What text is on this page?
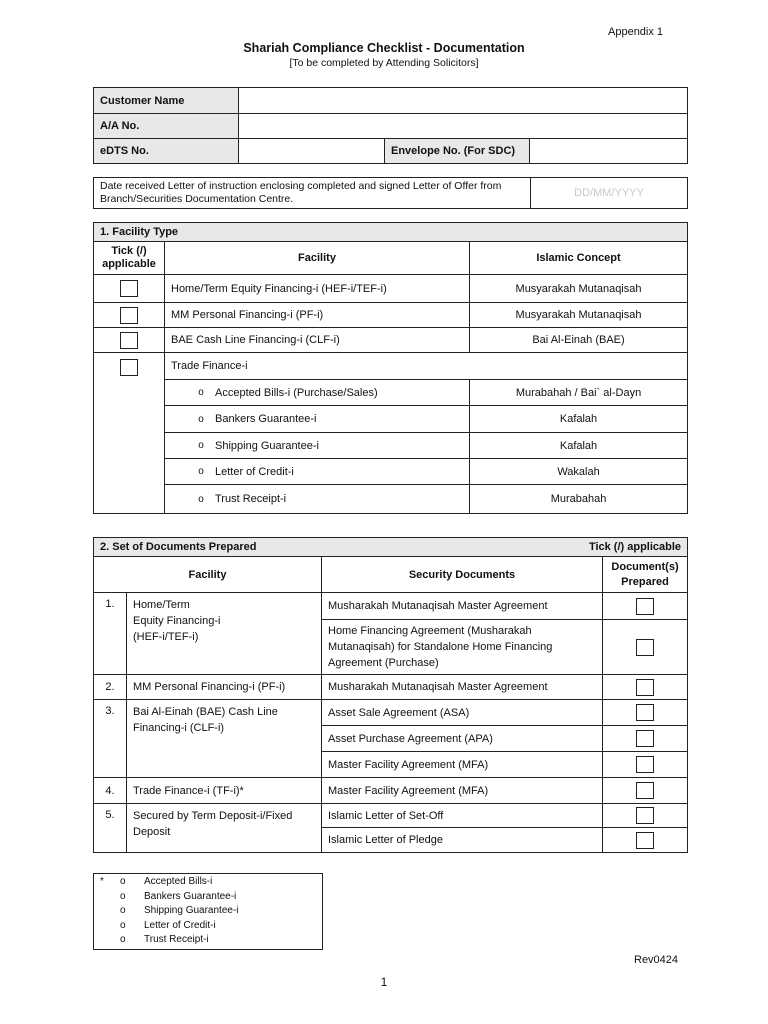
Appendix 1
Shariah Compliance Checklist - Documentation
[To be completed by Attending Solicitors]
Customer Name			
A/A No.			
eDTS No.		Envelope No. (For SDC)	
Date received Letter of instruction enclosing completed and signed Letter of Offer from Branch/Securities Documentation Centre.	DD/MM/YYYY
1. Facility Type		
Tick (/) applicable	Facility	Islamic Concept
	Home/Term Equity Financing-i (HEF-i/TEF-i)	Musyarakah Mutanaqisah
	MM Personal Financing-i (PF-i)	Musyarakah Mutanaqisah
	BAE Cash Line Financing-i (CLF-i)	Bai Al-Einah (BAE)
	Trade Finance-i	

	o Accepted Bills-i (Purchase/Sales)	Murabahah / Bai` al-Dayn

	o Bankers Guarantee-i	Kafalah

	o Shipping Guarantee-i	Kafalah

	o Letter of Credit-i	Wakalah

	o Trust Receipt-i	Murabahah
2. Set of Documents Prepared Tick (/) applicable			

Facility		Security Documents	Document(s) Prepared
1.	Home/Term Equity Financing-i (HEF-i/TEF-i)	Musharakah Mutanaqisah Master Agreement	
		Home Financing Agreement (Musharakah Mutanaqisah) for Standalone Home Financing Agreement (Purchase)	
2.	MM Personal Financing-i (PF-i)	Musharakah Mutanaqisah Master Agreement	
3.	Bai Al-Einah (BAE) Cash Line Financing-i (CLF-i)	Asset Sale Agreement (ASA)	
		Asset Purchase Agreement (APA)	
		Master Facility Agreement (MFA)	
4.	Trade Finance-i (TF-i)*	Master Facility Agreement (MFA)	
5.	Secured by Term Deposit-i/Fixed Deposit	Islamic Letter of Set-Off	
		Islamic Letter of Pledge	
* o Accepted Bills-i
o Bankers Guarantee-i
o Shipping Guarantee-i
o Letter of Credit-i
o Trust Receipt-i
Rev0424
1
